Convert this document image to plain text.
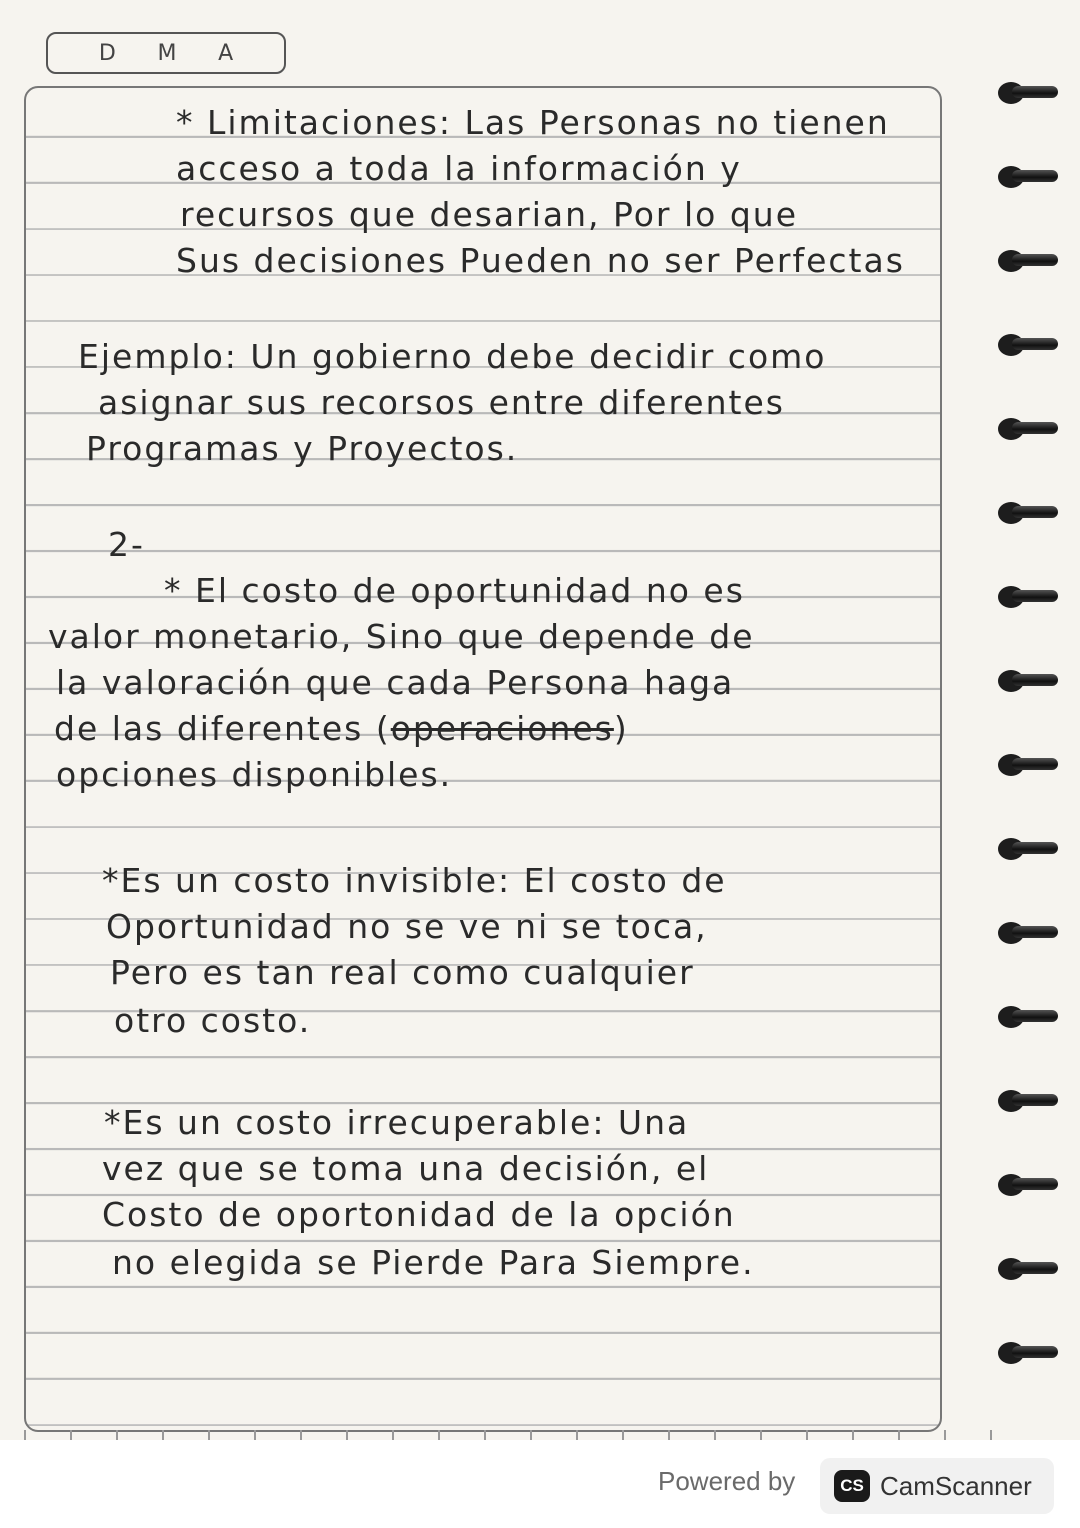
D M A
* Limitaciones: Las Personas no tienen
acceso a toda la información y
recursos que desarian, Por lo que
Sus decisiones Pueden no ser Perfectas
Ejemplo: Un gobierno debe decidir como
asignar sus recorsos entre diferentes
Programas y Proyectos.
2-
* El costo de oportunidad no es
valor monetario, Sino que depende de
la valoración que cada Persona haga
de las diferentes (operaciones)
opciones disponibles.
*Es un costo invisible: El costo de
Oportunidad no se ve ni se toca,
Pero es tan real como cualquier
otro costo.
*Es un costo irrecuperable: Una
vez que se toma una decisión, el
Costo de oportonidad de la opción
no elegida se Pierde Para Siempre.
Powered by	CS CamScanner
